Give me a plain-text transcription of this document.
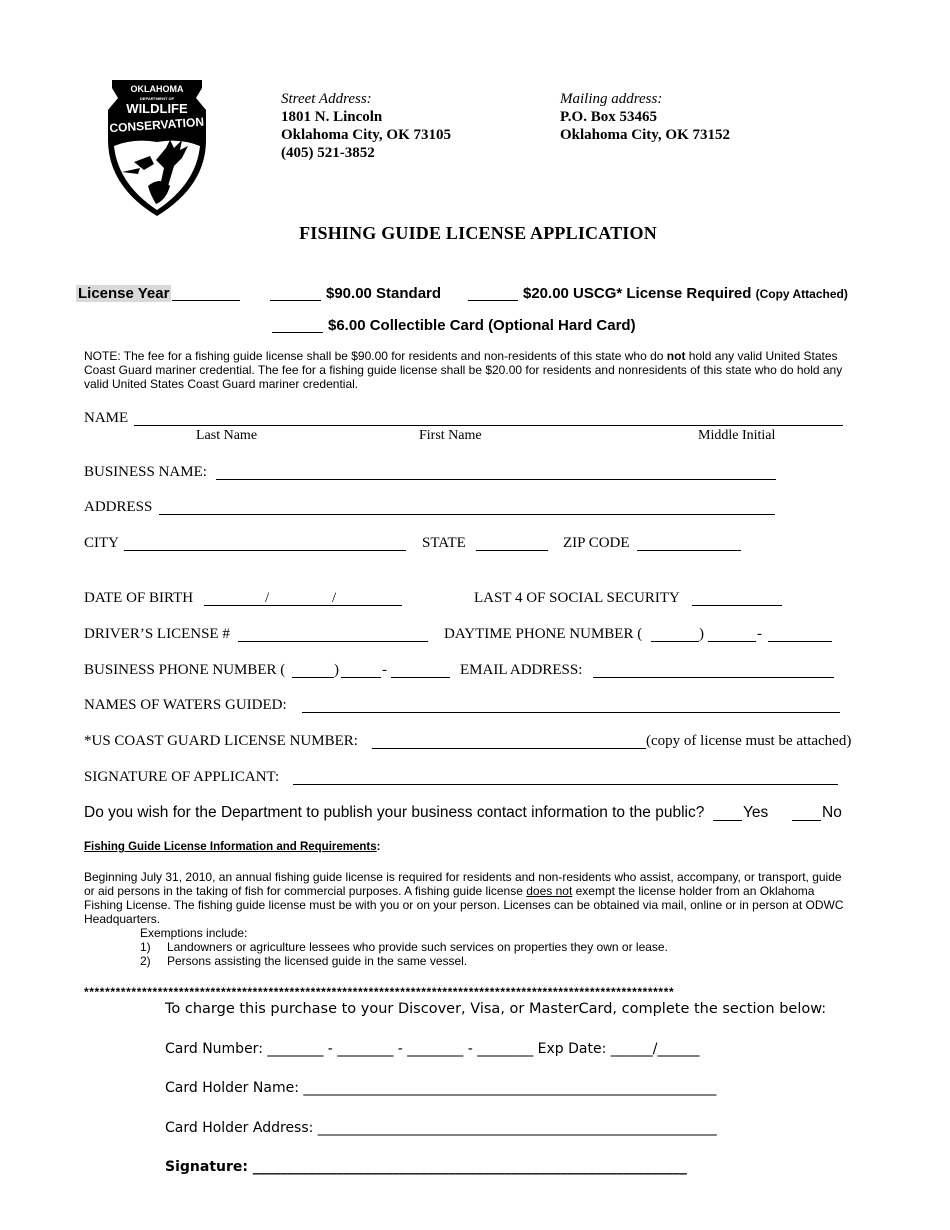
OKLAHOMA
DEPARTMENT OF
WILDLIFE
CONSERVATION
Street Address:
1801 N. Lincoln
Oklahoma City, OK 73105
(405) 521-3852
Mailing address:
P.O. Box 53465
Oklahoma City, OK 73152
FISHING GUIDE LICENSE APPLICATION
License Year	$90.00 Standard	$20.00 USCG* License Required (Copy Attached)
$6.00 Collectible Card (Optional Hard Card)
NOTE: The fee for a fishing guide license shall be $90.00 for residents and non-residents of this state who do not hold any valid United States Coast Guard mariner credential. The fee for a fishing guide license shall be $20.00 for residents and nonresidents of this state who do hold any valid United States Coast Guard mariner credential.
NAME
Last Name	First Name	Middle Initial
BUSINESS NAME:
ADDRESS
CITY	STATE	ZIP CODE
DATE OF BIRTH	/	/	LAST 4 OF SOCIAL SECURITY
DRIVER’S LICENSE #	DAYTIME PHONE NUMBER (	)	-
BUSINESS PHONE NUMBER (	)	-	EMAIL ADDRESS:
NAMES OF WATERS GUIDED:
*US COAST GUARD LICENSE NUMBER:	(copy of license must be attached)
SIGNATURE OF APPLICANT:
Do you wish for the Department to publish your business contact information to the public? Yes	No
Fishing Guide License Information and Requirements:
Beginning July 31, 2010, an annual fishing guide license is required for residents and non-residents who assist, accompany, or transport, guide or aid persons in the taking of fish for commercial purposes. A fishing guide license does not exempt the license holder from an Oklahoma Fishing License. The fishing guide license must be with you or on your person. Licenses can be obtained via mail, online or in person at ODWC Headquarters.
Exemptions include:
1) Landowners or agriculture lessees who provide such services on properties they own or lease.
2) Persons assisting the licensed guide in the same vessel.
****************************************************************************************************************
To charge this purchase to your Discover, Visa, or MasterCard, complete the section below:
Card Number: ________ - ________ - ________ - ________ Exp Date: ______/______
Card Holder Name: ___________________________________________________________
Card Holder Address: _________________________________________________________
Signature: ______________________________________________________________
